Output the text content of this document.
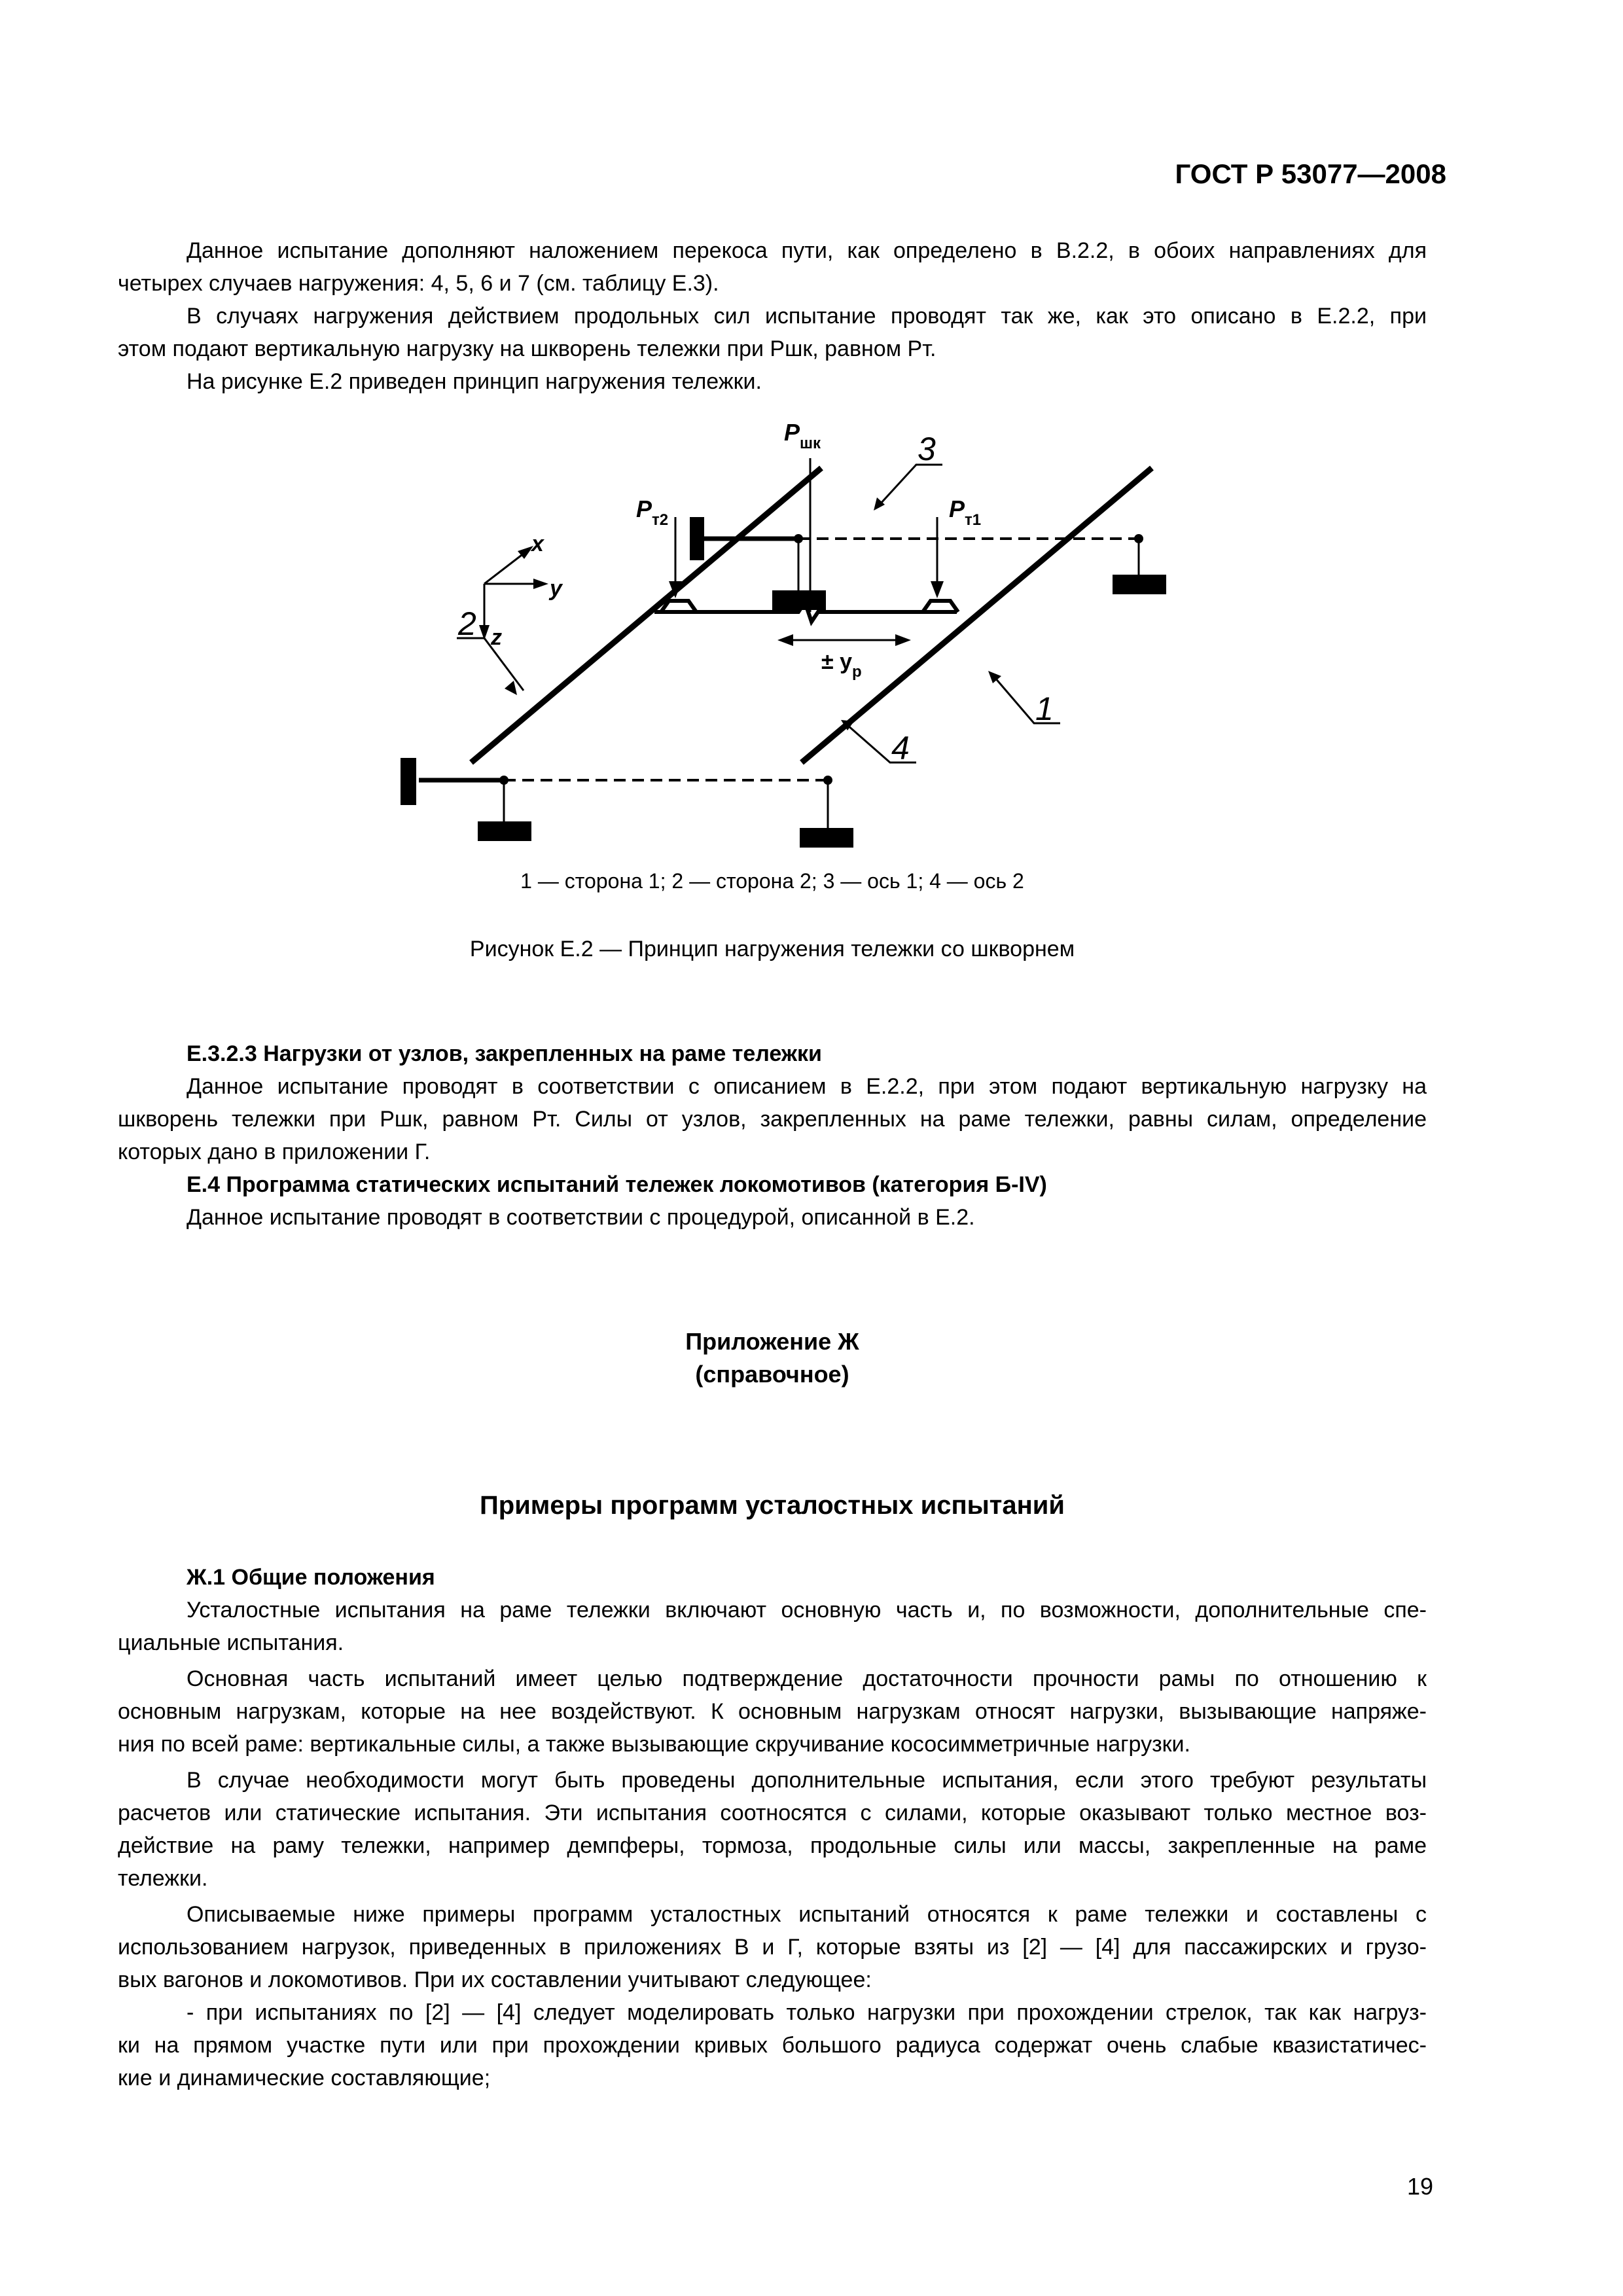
ГОСТ Р 53077—2008
Данное испытание дополняют наложением перекоса пути, как определено в В.2.2, в обоих направлениях для
четырех случаев нагружения: 4, 5, 6 и 7 (см. таблицу Е.3).
В случаях нагружения действием продольных сил испытание проводят так же, как это описано в Е.2.2, при
этом подают вертикальную нагрузку на шкворень тележки при Pшк, равном Pт.
На рисунке Е.2 приведен принцип нагружения тележки.
$P_{шк}$
$P_{т2}$	$P_{т1}$
± $y_p$
x
y
z
2
1
3
4
1 — сторона 1; 2 — сторона 2; 3 — ось 1; 4 — ось 2
Рисунок Е.2 — Принцип нагружения тележки со шкворнем
Е.3.2.3 Нагрузки от узлов, закрепленных на раме тележки
Данное испытание проводят в соответствии с описанием в Е.2.2, при этом подают вертикальную нагрузку на
шкворень тележки при Pшк, равном Pт. Силы от узлов, закрепленных на раме тележки, равны силам, определение
которых дано в приложении Г.
Е.4 Программа статических испытаний тележек локомотивов (категория Б-IV)
Данное испытание проводят в соответствии с процедурой, описанной в Е.2.
Приложение Ж
(справочное)
Примеры программ усталостных испытаний
Ж.1 Общие положения
Усталостные испытания на раме тележки включают основную часть и, по возможности, дополнительные спе-
циальные испытания.
Основная часть испытаний имеет целью подтверждение достаточности прочности рамы по отношению к
основным нагрузкам, которые на нее воздействуют. К основным нагрузкам относят нагрузки, вызывающие напряже-
ния по всей раме: вертикальные силы, а также вызывающие скручивание кососимметричные нагрузки.
В случае необходимости могут быть проведены дополнительные испытания, если этого требуют результаты
расчетов или статические испытания. Эти испытания соотносятся с силами, которые оказывают только местное воз-
действие на раму тележки, например демпферы, тормоза, продольные силы или массы, закрепленные на раме
тележки.
Описываемые ниже примеры программ усталостных испытаний относятся к раме тележки и составлены с
использованием нагрузок, приведенных в приложениях В и Г, которые взяты из [2] — [4] для пассажирских и грузо-
вых вагонов и локомотивов. При их составлении учитывают следующее:
- при испытаниях по [2] — [4] следует моделировать только нагрузки при прохождении стрелок, так как нагруз-
ки на прямом участке пути или при прохождении кривых большого радиуса содержат очень слабые квазистатичес-
кие и динамические составляющие;
19
